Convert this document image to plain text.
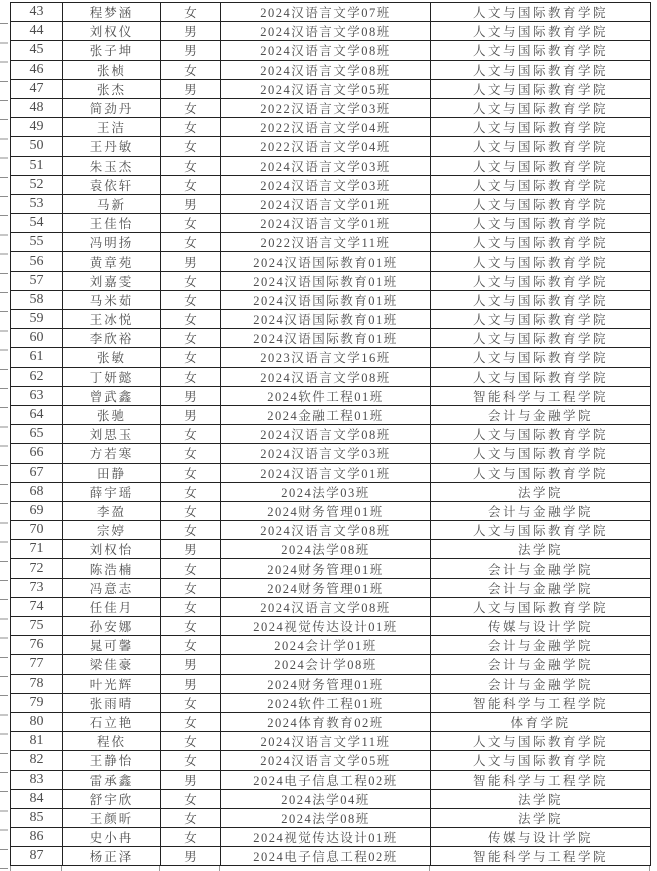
43	程梦涵	女	2024汉语言文学07班	人文与国际教育学院
44	刘权仪	男	2024汉语言文学08班	人文与国际教育学院
45	张子坤	男	2024汉语言文学08班	人文与国际教育学院
46	张桢	女	2024汉语言文学08班	人文与国际教育学院
47	张杰	男	2024汉语言文学05班	人文与国际教育学院
48	简劲丹	女	2022汉语言文学03班	人文与国际教育学院
49	王洁	女	2022汉语言文学04班	人文与国际教育学院
50	王丹敏	女	2022汉语言文学04班	人文与国际教育学院
51	朱玉杰	女	2024汉语言文学03班	人文与国际教育学院
52	袁依轩	女	2024汉语言文学03班	人文与国际教育学院
53	马新	男	2024汉语言文学01班	人文与国际教育学院
54	王佳怡	女	2024汉语言文学01班	人文与国际教育学院
55	冯明扬	女	2022汉语言文学11班	人文与国际教育学院
56	黄章苑	男	2024汉语国际教育01班	人文与国际教育学院
57	刘嘉雯	女	2024汉语国际教育01班	人文与国际教育学院
58	马米茹	女	2024汉语国际教育01班	人文与国际教育学院
59	王冰悦	女	2024汉语国际教育01班	人文与国际教育学院
60	李欣裕	女	2024汉语国际教育01班	人文与国际教育学院
61	张敏	女	2023汉语言文学16班	人文与国际教育学院
62	丁妍懿	女	2024汉语言文学08班	人文与国际教育学院
63	曾武鑫	男	2024软件工程01班	智能科学与工程学院
64	张驰	男	2024金融工程01班	会计与金融学院
65	刘思玉	女	2024汉语言文学08班	人文与国际教育学院
66	方若寒	女	2024汉语言文学03班	人文与国际教育学院
67	田静	女	2024汉语言文学01班	人文与国际教育学院
68	薛宇瑶	女	2024法学03班	法学院
69	李盈	女	2024财务管理01班	会计与金融学院
70	宗婷	女	2024汉语言文学08班	人文与国际教育学院
71	刘权怡	男	2024法学08班	法学院
72	陈浩楠	女	2024财务管理01班	会计与金融学院
73	冯意志	女	2024财务管理01班	会计与金融学院
74	任佳月	女	2024汉语言文学08班	人文与国际教育学院
75	孙安娜	女	2024视觉传达设计01班	传媒与设计学院
76	晁可馨	女	2024会计学01班	会计与金融学院
77	梁佳豪	男	2024会计学08班	会计与金融学院
78	叶光辉	男	2024财务管理01班	会计与金融学院
79	张雨晴	女	2024软件工程01班	智能科学与工程学院
80	石立艳	女	2024体育教育02班	体育学院
81	程依	女	2024汉语言文学11班	人文与国际教育学院
82	王静怡	女	2024汉语言文学05班	人文与国际教育学院
83	雷承鑫	男	2024电子信息工程02班	智能科学与工程学院
84	舒宇欣	女	2024法学04班	法学院
85	王颜昕	女	2024法学08班	法学院
86	史小冉	女	2024视觉传达设计01班	传媒与设计学院
87	杨正泽	男	2024电子信息工程02班	智能科学与工程学院
